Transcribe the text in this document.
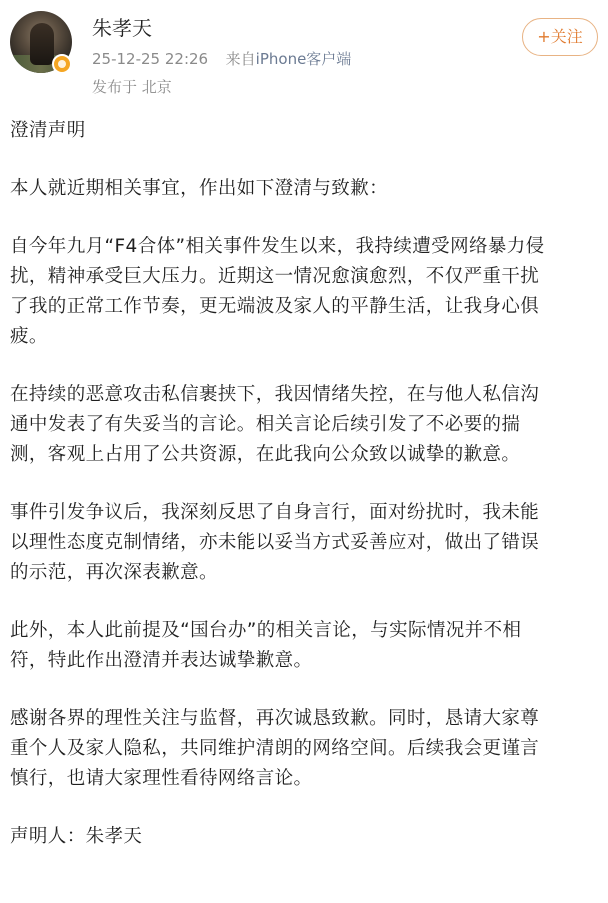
朱孝天
25-12-25 22:26 来自iPhone客户端
发布于 北京
+关注

澄清声明

本人就近期相关事宜，作出如下澄清与致歉：

自今年九月“F4合体”相关事件发生以来，我持续遭受网络暴力侵

扰，精神承受巨大压力。近期这一情况愈演愈烈，不仅严重干扰

了我的正常工作节奏，更无端波及家人的平静生活，让我身心俱

疲。

在持续的恶意攻击私信裹挟下，我因情绪失控，在与他人私信沟

通中发表了有失妥当的言论。相关言论后续引发了不必要的揣

测，客观上占用了公共资源，在此我向公众致以诚挚的歉意。

事件引发争议后，我深刻反思了自身言行，面对纷扰时，我未能

以理性态度克制情绪，亦未能以妥当方式妥善应对，做出了错误

的示范，再次深表歉意。

此外，本人此前提及“国台办”的相关言论，与实际情况并不相

符，特此作出澄清并表达诚挚歉意。

感谢各界的理性关注与监督，再次诚恳致歉。同时，恳请大家尊

重个人及家人隐私，共同维护清朗的网络空间。后续我会更谨言

慎行，也请大家理性看待网络言论。

声明人：朱孝天
